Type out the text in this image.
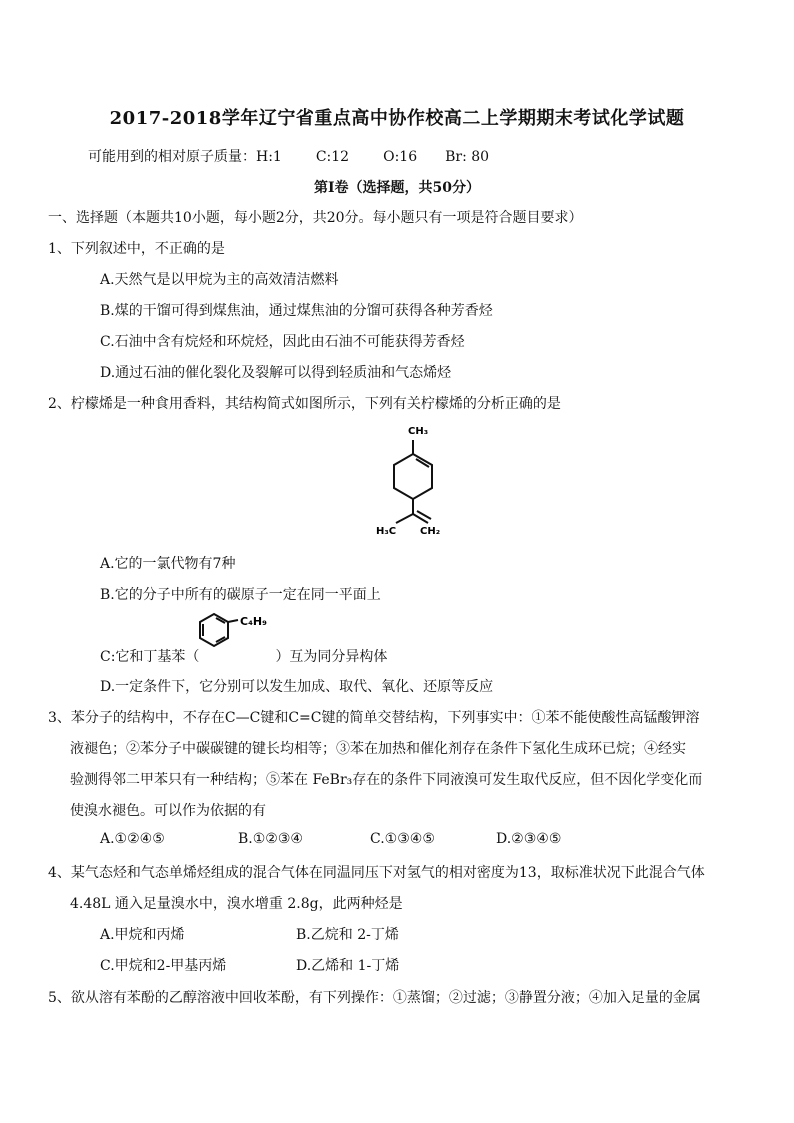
2017-2018学年辽宁省重点高中协作校高二上学期期末考试化学试题
可能用到的相对原子质量：H:1 C:12 O:16 Br: 80
第Ⅰ卷（选择题，共50分）
一、选择题（本题共10小题，每小题2分，共20分。每小题只有一项是符合题目要求）
1、下列叙述中，不正确的是
A.天然气是以甲烷为主的高效清洁燃料
B.煤的干馏可得到煤焦油，通过煤焦油的分馏可获得各种芳香烃
C.石油中含有烷烃和环烷烃，因此由石油不可能获得芳香烃
D.通过石油的催化裂化及裂解可以得到轻质油和气态烯烃
2、柠檬烯是一种食用香料，其结构简式如图所示，下列有关柠檬烯的分析正确的是
CH₃
H₃C CH₂
A.它的一氯代物有7种
B.它的分子中所有的碳原子一定在同一平面上
C₄H₉
C:它和丁基苯（	）互为同分异构体
D.一定条件下，它分别可以发生加成、取代、氧化、还原等反应
3、苯分子的结构中，不存在C—C键和C=C键的简单交替结构，下列事实中：①苯不能使酸性高锰酸钾溶
液褪色；②苯分子中碳碳键的键长均相等；③苯在加热和催化剂存在条件下氢化生成环已烷；④经实
验测得邻二甲苯只有一种结构；⑤苯在 FeBr₃存在的条件下同液溴可发生取代反应，但不因化学变化而
使溴水褪色。可以作为依据的有
A.①②④⑤	B.①②③④	C.①③④⑤	D.②③④⑤
4、某气态烃和气态单烯烃组成的混合气体在同温同压下对氢气的相对密度为13，取标准状况下此混合气体
4.48L 通入足量溴水中，溴水增重 2.8g，此两种烃是
A.甲烷和丙烯	B.乙烷和 2-丁烯
C.甲烷和2-甲基丙烯	D.乙烯和 1-丁烯
5、欲从溶有苯酚的乙醇溶液中回收苯酚，有下列操作：①蒸馏；②过滤；③静置分液；④加入足量的金属
